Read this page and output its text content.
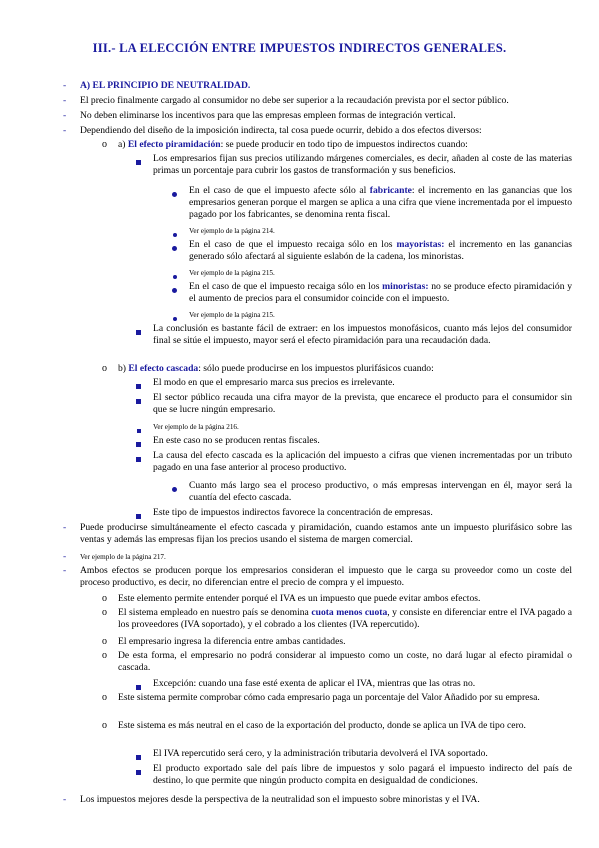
III.- LA ELECCIÓN ENTRE IMPUESTOS INDIRECTOS GENERALES.
- A) EL PRINCIPIO DE NEUTRALIDAD.
- El precio finalmente cargado al consumidor no debe ser superior a la recaudación prevista por el sector público.
- No deben eliminarse los incentivos para que las empresas empleen formas de integración vertical.
- Dependiendo del diseño de la imposición indirecta, tal cosa puede ocurrir, debido a dos efectos diversos:
o a) El efecto piramidación: se puede producir en todo tipo de impuestos indirectos cuando:
Los empresarios fijan sus precios utilizando márgenes comerciales, es decir, añaden al coste de las materias primas un porcentaje para cubrir los gastos de transformación y sus beneficios.
En el caso de que el impuesto afecte sólo al fabricante: el incremento en las ganancias que los empresarios generan porque el margen se aplica a una cifra que viene incrementada por el impuesto pagado por los fabricantes, se denomina renta fiscal.
Ver ejemplo de la página 214.
En el caso de que el impuesto recaiga sólo en los mayoristas: el incremento en las ganancias generado sólo afectará al siguiente eslabón de la cadena, los minoristas.
Ver ejemplo de la página 215.
En el caso de que el impuesto recaiga sólo en los minoristas: no se produce efecto piramidación y el aumento de precios para el consumidor coincide con el impuesto.
Ver ejemplo de la página 215.
La conclusión es bastante fácil de extraer: en los impuestos monofásicos, cuanto más lejos del consumidor final se sitúe el impuesto, mayor será el efecto piramidación para una recaudación dada.
o b) El efecto cascada: sólo puede producirse en los impuestos plurifásicos cuando:
El modo en que el empresario marca sus precios es irrelevante.
El sector público recauda una cifra mayor de la prevista, que encarece el producto para el consumidor sin que se lucre ningún empresario.
Ver ejemplo de la página 216.
En este caso no se producen rentas fiscales.
La causa del efecto cascada es la aplicación del impuesto a cifras que vienen incrementadas por un tributo pagado en una fase anterior al proceso productivo.
Cuanto más largo sea el proceso productivo, o más empresas intervengan en él, mayor será la cuantía del efecto cascada.
Este tipo de impuestos indirectos favorece la concentración de empresas.
- Puede producirse simultáneamente el efecto cascada y piramidación, cuando estamos ante un impuesto plurifásico sobre las ventas y además las empresas fijan los precios usando el sistema de margen comercial.
- Ver ejemplo de la página 217.
- Ambos efectos se producen porque los empresarios consideran el impuesto que le carga su proveedor como un coste del proceso productivo, es decir, no diferencian entre el precio de compra y el impuesto.
o Este elemento permite entender porqué el IVA es un impuesto que puede evitar ambos efectos.
o El sistema empleado en nuestro país se denomina cuota menos cuota, y consiste en diferenciar entre el IVA pagado a los proveedores (IVA soportado), y el cobrado a los clientes (IVA repercutido).
o El empresario ingresa la diferencia entre ambas cantidades.
o De esta forma, el empresario no podrá considerar al impuesto como un coste, no dará lugar al efecto piramidal o cascada.
Excepción: cuando una fase esté exenta de aplicar el IVA, mientras que las otras no.
o Este sistema permite comprobar cómo cada empresario paga un porcentaje del Valor Añadido por su empresa.
o Este sistema es más neutral en el caso de la exportación del producto, donde se aplica un IVA de tipo cero.
El IVA repercutido será cero, y la administración tributaria devolverá el IVA soportado.
El producto exportado sale del país libre de impuestos y solo pagará el impuesto indirecto del país de destino, lo que permite que ningún producto compita en desigualdad de condiciones.
- Los impuestos mejores desde la perspectiva de la neutralidad son el impuesto sobre minoristas y el IVA.
